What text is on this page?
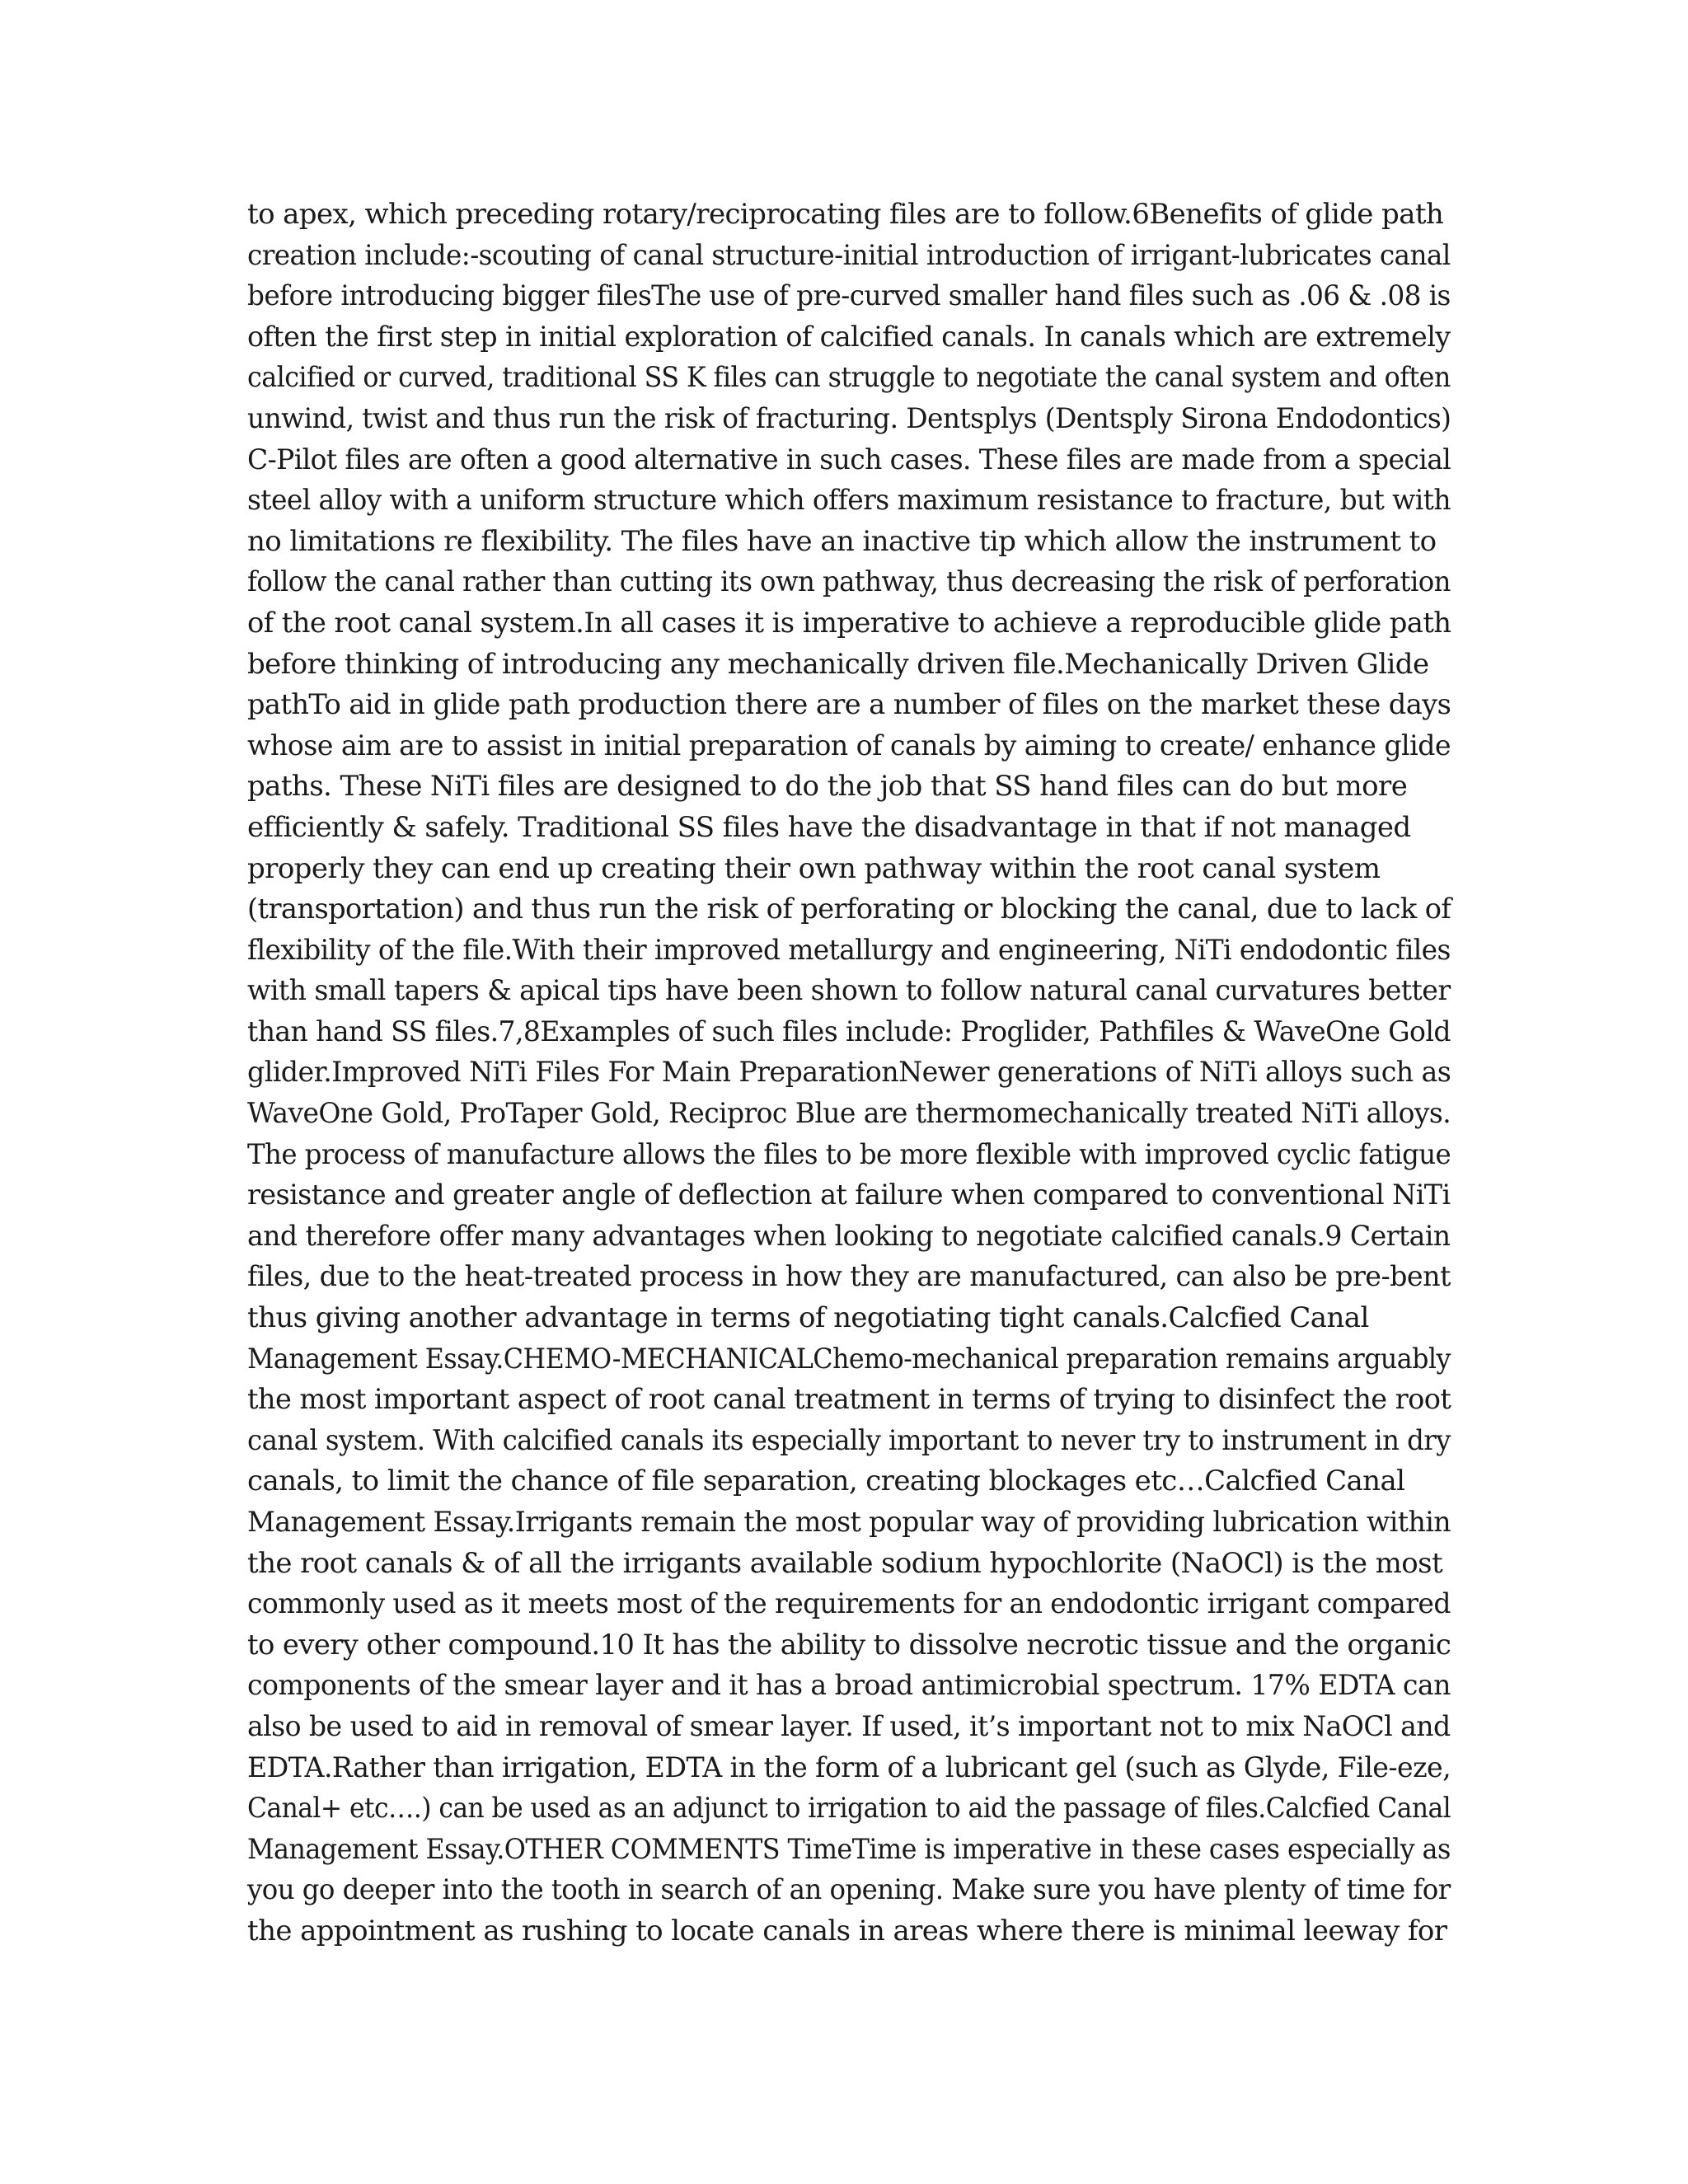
to apex, which preceding rotary/reciprocating files are to follow.6Benefits of glide path
creation include:-scouting of canal structure-initial introduction of irrigant-lubricates canal
before introducing bigger filesThe use of pre-curved smaller hand files such as .06 & .08 is
often the first step in initial exploration of calcified canals. In canals which are extremely
calcified or curved, traditional SS K files can struggle to negotiate the canal system and often
unwind, twist and thus run the risk of fracturing. Dentsplys (Dentsply Sirona Endodontics)
C-Pilot files are often a good alternative in such cases. These files are made from a special
steel alloy with a uniform structure which offers maximum resistance to fracture, but with
no limitations re flexibility. The files have an inactive tip which allow the instrument to
follow the canal rather than cutting its own pathway, thus decreasing the risk of perforation
of the root canal system.In all cases it is imperative to achieve a reproducible glide path
before thinking of introducing any mechanically driven file.Mechanically Driven Glide
pathTo aid in glide path production there are a number of files on the market these days
whose aim are to assist in initial preparation of canals by aiming to create/ enhance glide
paths. These NiTi files are designed to do the job that SS hand files can do but more
efficiently & safely. Traditional SS files have the disadvantage in that if not managed
properly they can end up creating their own pathway within the root canal system
(transportation) and thus run the risk of perforating or blocking the canal, due to lack of
flexibility of the file.With their improved metallurgy and engineering, NiTi endodontic files
with small tapers & apical tips have been shown to follow natural canal curvatures better
than hand SS files.7,8Examples of such files include: Proglider, Pathfiles & WaveOne Gold
glider.Improved NiTi Files For Main PreparationNewer generations of NiTi alloys such as
WaveOne Gold, ProTaper Gold, Reciproc Blue are thermomechanically treated NiTi alloys.
The process of manufacture allows the files to be more flexible with improved cyclic fatigue
resistance and greater angle of deflection at failure when compared to conventional NiTi
and therefore offer many advantages when looking to negotiate calcified canals.9 Certain
files, due to the heat-treated process in how they are manufactured, can also be pre-bent
thus giving another advantage in terms of negotiating tight canals.Calcfied Canal
Management Essay.CHEMO-MECHANICALChemo-mechanical preparation remains arguably
the most important aspect of root canal treatment in terms of trying to disinfect the root
canal system. With calcified canals its especially important to never try to instrument in dry
canals, to limit the chance of file separation, creating blockages etc…Calcfied Canal
Management Essay.Irrigants remain the most popular way of providing lubrication within
the root canals & of all the irrigants available sodium hypochlorite (NaOCl) is the most
commonly used as it meets most of the requirements for an endodontic irrigant compared
to every other compound.10 It has the ability to dissolve necrotic tissue and the organic
components of the smear layer and it has a broad antimicrobial spectrum. 17% EDTA can
also be used to aid in removal of smear layer. If used, it’s important not to mix NaOCl and
EDTA.Rather than irrigation, EDTA in the form of a lubricant gel (such as Glyde, File-eze,
Canal+ etc….) can be used as an adjunct to irrigation to aid the passage of files.Calcfied Canal
Management Essay.OTHER COMMENTS TimeTime is imperative in these cases especially as
you go deeper into the tooth in search of an opening. Make sure you have plenty of time for
the appointment as rushing to locate canals in areas where there is minimal leeway for
